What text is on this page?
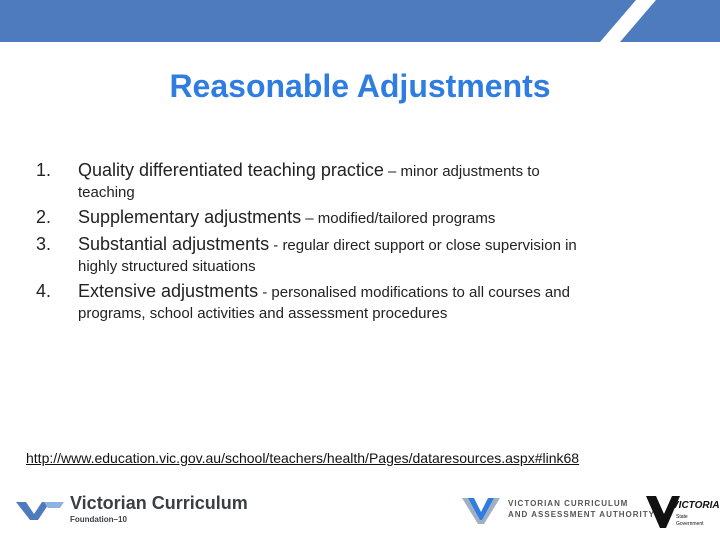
Reasonable Adjustments
1. Quality differentiated teaching practice – minor adjustments to
teaching
2. Supplementary adjustments – modified/tailored programs
3. Substantial adjustments - regular direct support or close supervision in
highly structured situations
4. Extensive adjustments - personalised modifications to all courses and
programs, school activities and assessment procedures
http://www.education.vic.gov.au/school/teachers/health/Pages/dataresources.aspx#link68
Victorian Curriculum
Foundation–10
VICTORIAN CURRICULUM
AND ASSESSMENT AUTHORITY
VICTORIA
State
Government
